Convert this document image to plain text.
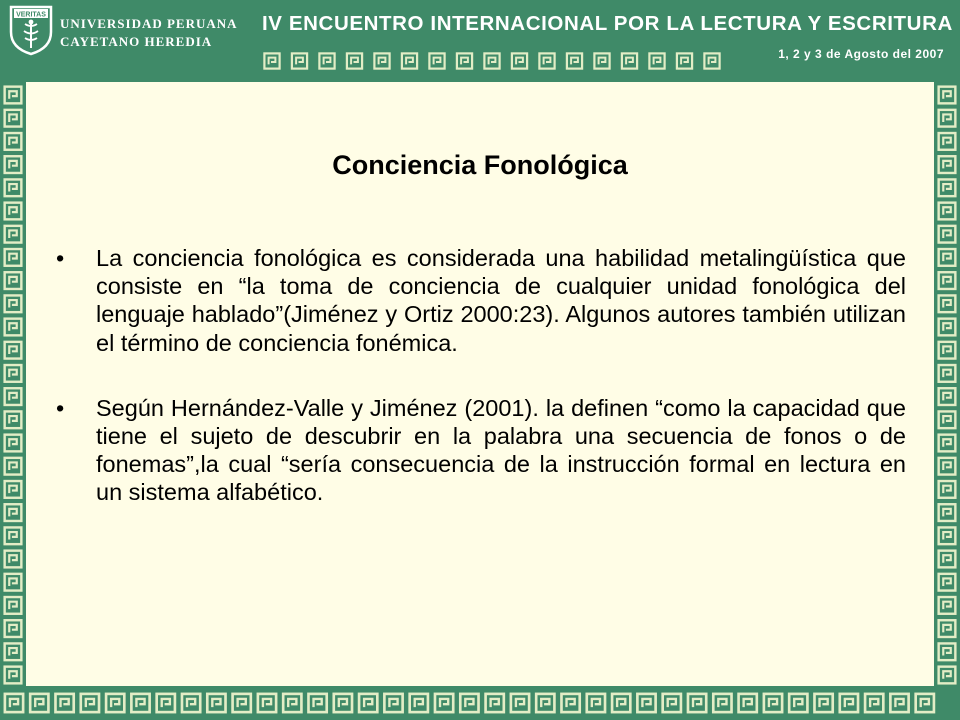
VERITAS
UNIVERSIDAD PERUANA
CAYETANO HEREDIA
IV ENCUENTRO INTERNACIONAL POR LA LECTURA Y ESCRITURA
1, 2 y 3 de Agosto del 2007
Conciencia Fonológica
• La conciencia fonológica es considerada una habilidad metalingüística que consiste en “la toma de conciencia de cualquier unidad fonológica del lenguaje hablado”(Jiménez y Ortiz 2000:23). Algunos autores también utilizan el término de conciencia fonémica.
• Según Hernández-Valle y Jiménez (2001). la definen “como la capacidad que tiene el sujeto de descubrir en la palabra una secuencia de fonos o de fonemas”,la cual “sería consecuencia de la instrucción formal en lectura en un sistema alfabético.
